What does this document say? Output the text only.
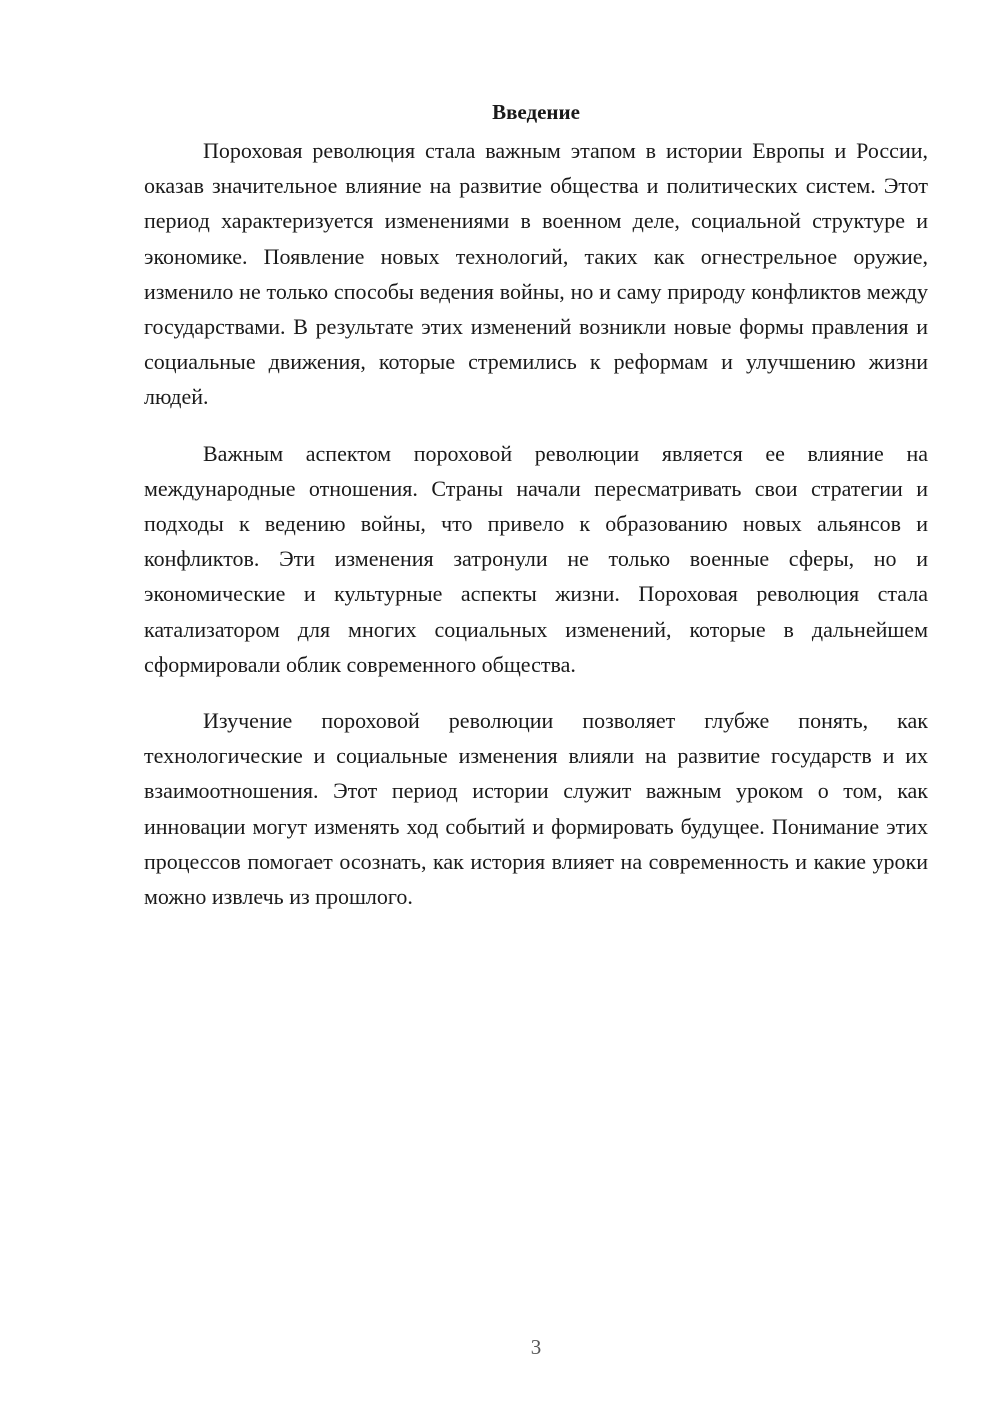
Введение

Пороховая революция стала важным этапом в истории Европы и России, оказав значительное влияние на развитие общества и политических систем. Этот период характеризуется изменениями в военном деле, социальной структуре и экономике. Появление новых технологий, таких как огнестрельное оружие, изменило не только способы ведения войны, но и саму природу конфликтов между государствами. В результате этих изменений возникли новые формы правления и социальные движения, которые стремились к реформам и улучшению жизни людей.

Важным аспектом пороховой революции является ее влияние на международные отношения. Страны начали пересматривать свои стратегии и подходы к ведению войны, что привело к образованию новых альянсов и конфликтов. Эти изменения затронули не только военные сферы, но и экономические и культурные аспекты жизни. Пороховая революция стала катализатором для многих социальных изменений, которые в дальнейшем сформировали облик современного общества.

Изучение пороховой революции позволяет глубже понять, как технологические и социальные изменения влияли на развитие государств и их взаимоотношения. Этот период истории служит важным уроком о том, как инновации могут изменять ход событий и формировать будущее. Понимание этих процессов помогает осознать, как история влияет на современность и какие уроки можно извлечь из прошлого.

3
